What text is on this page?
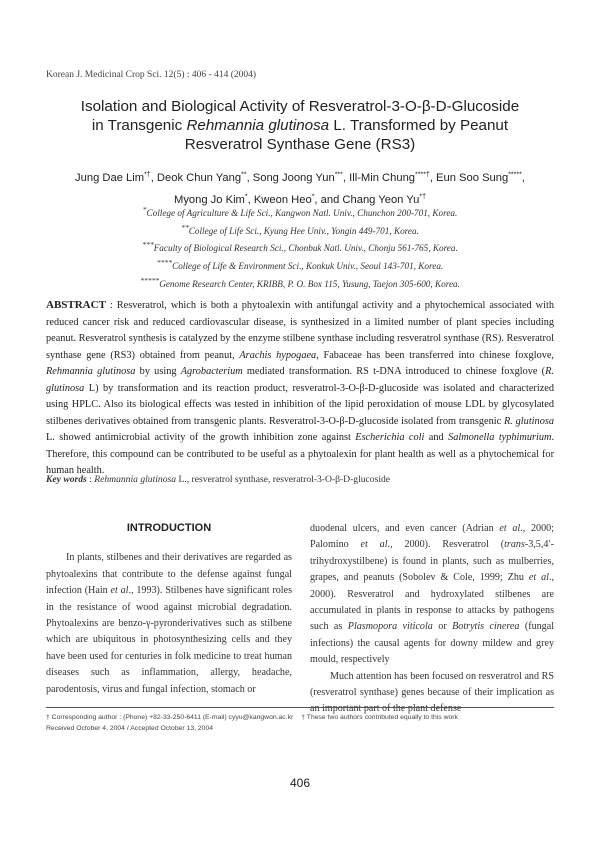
Korean J. Medicinal Crop Sci. 12(5) : 406 - 414 (2004)
Isolation and Biological Activity of Resveratrol-3-O-β-D-Glucoside
in Transgenic Rehmannia glutinosa L. Transformed by Peanut
Resveratrol Synthase Gene (RS3)
Jung Dae Lim*†, Deok Chun Yang**, Song Joong Yun***, Ill-Min Chung****†, Eun Soo Sung*****,
Myong Jo Kim*, Kweon Heo*, and Chang Yeon Yu*†
*College of Agriculture & Life Sci., Kangwon Natl. Univ., Chunchon 200-701, Korea.
**College of Life Sci., Kyung Hee Univ., Yongin 449-701, Korea.
***Faculty of Biological Research Sci., Chonbuk Natl. Univ., Chonju 561-765, Korea.
****College of Life & Environment Sci., Konkuk Univ., Seoul 143-701, Korea.
*****Genome Research Center, KRIBB, P. O. Box 115, Yusung, Taejon 305-600, Korea.
ABSTRACT : Resveratrol, which is both a phytoalexin with antifungal activity and a phytochemical associated with reduced cancer risk and reduced cardiovascular disease, is synthesized in a limited number of plant species including peanut. Resveratrol synthesis is catalyzed by the enzyme stilbene synthase including resveratrol synthase (RS). Resveratrol synthase gene (RS3) obtained from peanut, Arachis hypogaea, Fabaceae has been transferred into chinese foxglove, Rehmannia glutinosa by using Agrobacterium mediated transformation. RS t-DNA introduced to chinese foxglove (R. glutinosa L) by transformation and its reaction product, resveratrol-3-O-β-D-glucoside was isolated and characterized using HPLC. Also its biological effects was tested in inhibition of the lipid peroxidation of mouse LDL by glycosylated stilbenes derivatives obtained from transgenic plants. Resveratrol-3-O-β-D-glucoside isolated from transgenic R. glutinosa L. showed antimicrobial activity of the growth inhibition zone against Escherichia coli and Salmonella typhimurium. Therefore, this compound can be contributed to be useful as a phytoalexin for plant health as well as a phytochemical for human health.
Key words : Rehmannia glutinosa L., resveratrol synthase, resveratrol-3-O-β-D-glucoside
INTRODUCTION

In plants, stilbenes and their derivatives are regarded as phytoalexins that contribute to the defense against fungal infection (Hain et al., 1993). Stilbenes have significant roles in the resistance of wood against microbial degradation. Phytoalexins are benzo-γ-pyronderivatives such as stilbene which are ubiquitous in photosynthesizing cells and they have been used for centuries in folk medicine to treat human diseases such as inflammation, allergy, headache, parodentosis, virus and fungal infection, stomach or

duodenal ulcers, and even cancer (Adrian et al., 2000; Palomino et al., 2000). Resveratrol (trans-3,5,4′-trihydroxystilbene) is found in plants, such as mulberries, grapes, and peanuts (Sobolev & Cole, 1999; Zhu et al., 2000). Resveratrol and hydroxylated stilbenes are accumulated in plants in response to attacks by pathogens such as Plasmopora viticola or Botrytis cinerea (fungal infections) the causal agents for downy mildew and grey mould, respectively

Much attention has been focused on resveratrol and RS (resveratrol synthase) genes because of their implication as an important part of the plant defense

† Corresponding author : (Phone) +82-33-250-6411 (E-mail) cyyu@kangwon.ac.kr † These two authors contributed equally to this work
Received October 4, 2004 / Accepted October 13, 2004
406
